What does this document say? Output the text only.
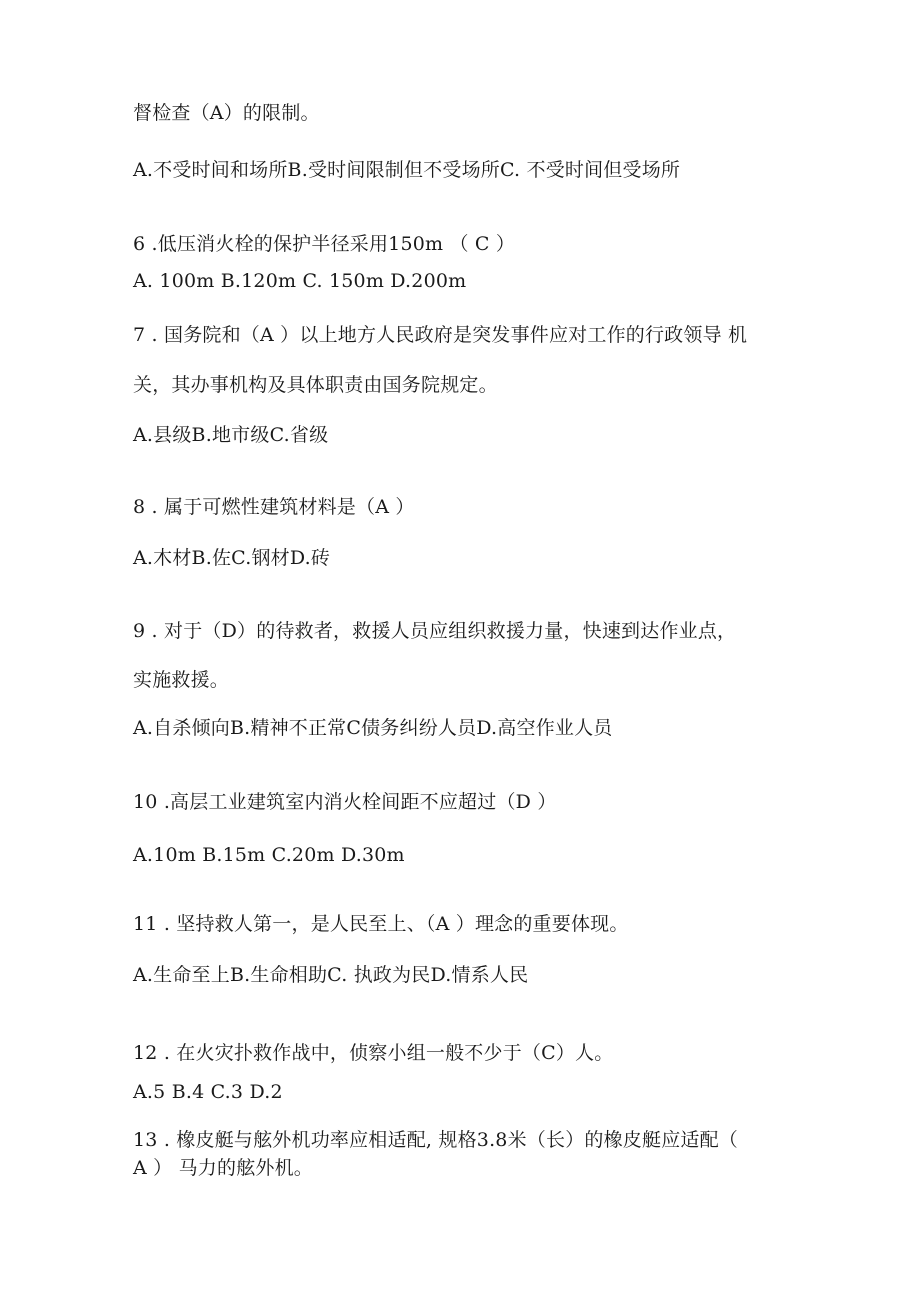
督检查（A）的限制。
A.不受时间和场所B.受时间限制但不受场所C. 不受时间但受场所
6 .低压消火栓的保护半径采用150m （ C ）
A. 100m B.120m C. 150m D.200m
7 . 国务院和（A ）以上地方人民政府是突发事件应对工作的行政领导 机
关，其办事机构及具体职责由国务院规定。
A.县级B.地市级C.省级
8 . 属于可燃性建筑材料是（A ）
A.木材B.佐C.钢材D.砖
9 . 对于（D）的待救者，救援人员应组织救援力量，快速到达作业点，
实施救援。
A.自杀倾向B.精神不正常C债务纠纷人员D.高空作业人员
10 .高层工业建筑室内消火栓间距不应超过（D ）
A.10m B.15m C.20m D.30m
11 . 坚持救人第一，是人民至上、（A ）理念的重要体现。
A.生命至上B.生命相助C. 执政为民D.情系人民
12 . 在火灾扑救作战中，侦察小组一般不少于（C）人。
A.5 B.4 C.3 D.2
13 . 橡皮艇与舷外机功率应相适配, 规格3.8米（长）的橡皮艇应适配（
A ） 马力的舷外机。
